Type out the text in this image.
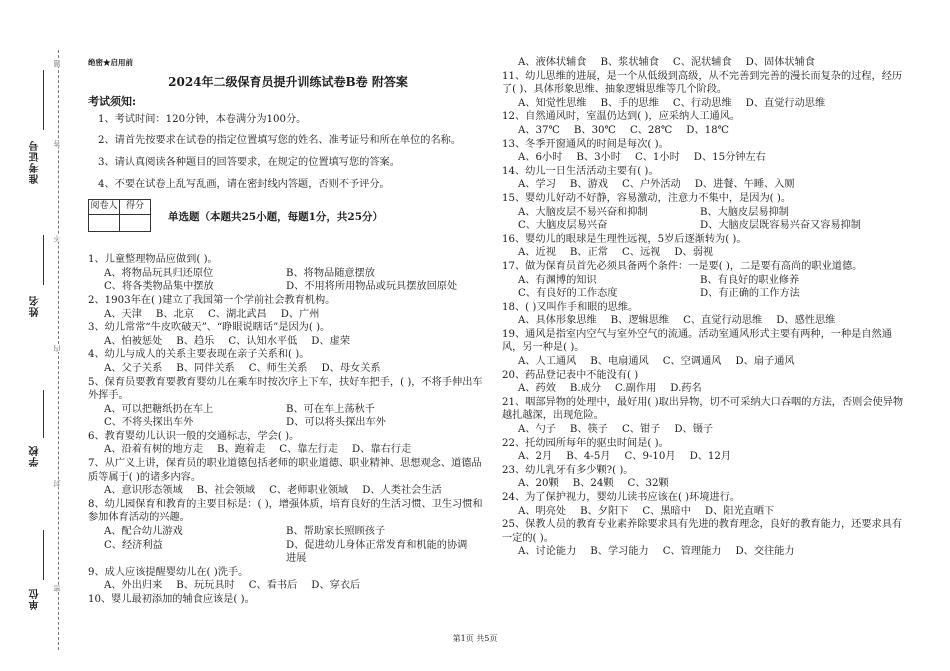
题
答
不
内
封
密
准考证号
姓名
学校
单位
绝密★启用前
2024年二级保育员提升训练试卷B卷 附答案
考试须知:
1、考试时间：120分钟，本卷满分为100分。
2、请首先按要求在试卷的指定位置填写您的姓名、准考证号和所在单位的名称。
3、请认真阅读各种题目的回答要求，在规定的位置填写您的答案。
4、不要在试卷上乱写乱画，请在密封线内答题，否则不予评分。
阅卷人	得分

单选题（本题共25小题，每题1分，共25分）
1、儿童整理物品应做到( )。
A、将物品玩具归还原位	B、将物品随意摆放
C、将各类物品集中摆放	D、不用将所用物品或玩具摆放回原处
2、1903年在( )建立了我国第一个学前社会教育机构。
A、天津 B、北京 C、湖北武昌 D、广州
3、幼儿常常“牛皮吹破天”、“睁眼说瞎话”是因为( )。
A、怕被惩处 B、趋乐 C、认知水平低 D、虚荣
4、幼儿与成人的关系主要表现在亲子关系和( )。
A、父子关系 B、同伴关系 C、师生关系 D、母女关系
5、保育员要教育要教育婴幼儿在乘车时按次序上下车，扶好车把手，( )，不将手伸出车外挥手。
A、可以把糖纸扔在车上	B、可在车上荡秋千
C、不将头探出车外	D、可以将头探出车外
6、教育婴幼儿认识一般的交通标志，学会( )。
A、沿着有树的地方走 B、跑着走 C、靠左行走 D、靠右行走
7、从广义上讲，保育员的职业道德包括老师的职业道德、职业精神、思想观念、道德品质等属于( )的诸多内容。
A、意识形态领域 B、社会领域 C、老师职业领域 D、人类社会生活
8、幼儿园保育和教育的主要目标是：( )，增强体质，培育良好的生活习惯、卫生习惯和参加体育活动的兴趣。
A、配合幼儿游戏	B、帮助家长照顾孩子
C、经济利益	D、促进幼儿身体正常发育和机能的协调进展
9、成人应该提醒婴幼儿在( )洗手。
A、外出归来 B、玩玩具时 C、看书后 D、穿衣后
10、婴儿最初添加的辅食应该是( )。
A、液体状辅食 B、浆状辅食 C、泥状辅食 D、固体状辅食
11、幼儿思维的进展，是一个从低级到高级，从不完善到完善的漫长而复杂的过程，经历了( )、具体形象思维、抽象逻辑思维等几个阶段。
A、知觉性思维 B、手的思维 C、行动思维 D、直觉行动思维
12、自然通风时，室温仍达到( )，应采纳人工通风。
A、37℃ B、30℃ C、28℃ D、18℃
13、冬季开窗通风的时间是每次( )。
A、6小时 B、3小时 C、1小时 D、15分钟左右
14、幼儿一日生活活动主要有( )。
A、学习 B、游戏 C、户外活动 D、进餐、午睡、入厕
15、婴幼儿好动不好静，容易激动，注意力不集中，是因为( )。
A、大脑皮层不易兴奋和抑制	B、大脑皮层易抑制
C、大脑皮层易兴奋	D、大脑皮层既容易兴奋又容易抑制
16、婴幼儿的眼球是生理性远视，5岁后逐渐转为( )。
A、近视 B、正常 C、远视 D、弱视
17、做为保育员首先必须具备两个条件：一是要( )，二是要有高尚的职业道德。
A、有渊博的知识	B、有良好的职业修养
C、有良好的工作态度	D、有正确的工作方法
18、( )又叫作手和眼的思维。
A、具体形象思维 B、逻辑思维 C、直觉行动思维 D、感性思维
19、通风是指室内空气与室外空气的流通。活动室通风形式主要有两种，一种是自然通风，另一种是( )。
A、人工通风 B、电扇通风 C、空调通风 D、扇子通风
20、药品登记表中不能没有( )
A、药效 B.成分 C.副作用 D.药名
21、咽部异物的处理中，最好用( )取出异物，切不可采纳大口吞咽的方法，否则会使异物越扎越深，出现危险。
A、勺子 B、筷子 C、钳子 D、镊子
22、托幼园所每年的驱虫时间是( )。
A、2月 B、4-5月 C、9-10月 D、12月
23、幼儿乳牙有多少颗?( )。
A、20颗 B、24颗 C、32颗
24、为了保护视力，婴幼儿读书应该在( )环境进行。
A、明亮处 B、夕阳下 C、黑暗中 D、阳光直晒下
25、保教人员的教育专业素养除要求具有先进的教育理念，良好的教育能力，还要求具有一定的( )。
A、讨论能力 B、学习能力 C、管理能力 D、交往能力
第1页 共5页
